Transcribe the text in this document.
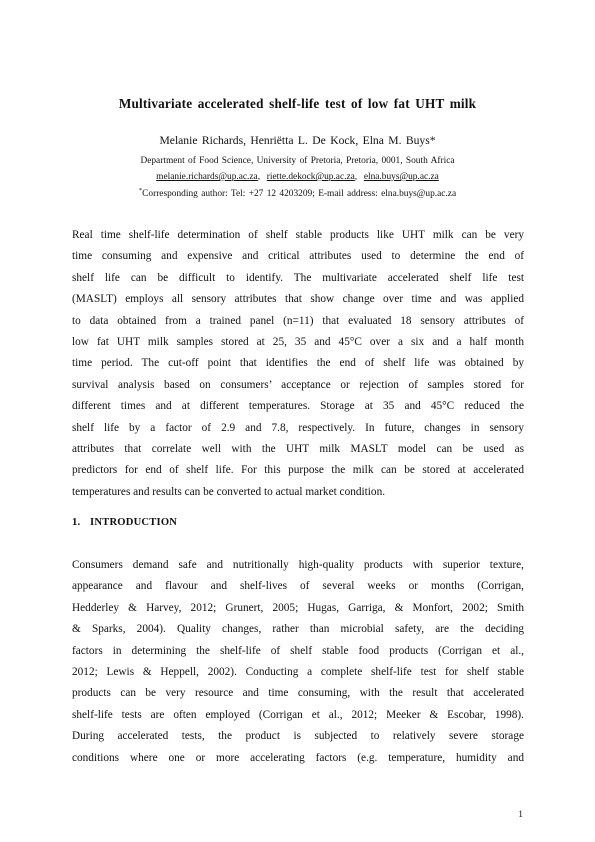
Multivariate accelerated shelf-life test of low fat UHT milk
Melanie Richards, Henriëtta L. De Kock, Elna M. Buys*
Department of Food Science, University of Pretoria, Pretoria, 0001, South Africa
melanie.richards@up.ac.za, riette.dekock@up.ac.za, elna.buys@up.ac.za
*Corresponding author: Tel: +27 12 4203209; E-mail address: elna.buys@up.ac.za
Real time shelf-life determination of shelf stable products like UHT milk can be very
time consuming and expensive and critical attributes used to determine the end of
shelf life can be difficult to identify. The multivariate accelerated shelf life test
(MASLT) employs all sensory attributes that show change over time and was applied
to data obtained from a trained panel (n=11) that evaluated 18 sensory attributes of
low fat UHT milk samples stored at 25, 35 and 45°C over a six and a half month
time period. The cut-off point that identifies the end of shelf life was obtained by
survival analysis based on consumers’ acceptance or rejection of samples stored for
different times and at different temperatures. Storage at 35 and 45°C reduced the
shelf life by a factor of 2.9 and 7.8, respectively. In future, changes in sensory
attributes that correlate well with the UHT milk MASLT model can be used as
predictors for end of shelf life. For this purpose the milk can be stored at accelerated
temperatures and results can be converted to actual market condition.
1. INTRODUCTION
Consumers demand safe and nutritionally high-quality products with superior texture,
appearance and flavour and shelf-lives of several weeks or months (Corrigan,
Hedderley & Harvey, 2012; Grunert, 2005; Hugas, Garriga, & Monfort, 2002; Smith
& Sparks, 2004). Quality changes, rather than microbial safety, are the deciding
factors in determining the shelf-life of shelf stable food products (Corrigan et al.,
2012; Lewis & Heppell, 2002). Conducting a complete shelf-life test for shelf stable
products can be very resource and time consuming, with the result that accelerated
shelf-life tests are often employed (Corrigan et al., 2012; Meeker & Escobar, 1998).
During accelerated tests, the product is subjected to relatively severe storage
conditions where one or more accelerating factors (e.g. temperature, humidity and
1
